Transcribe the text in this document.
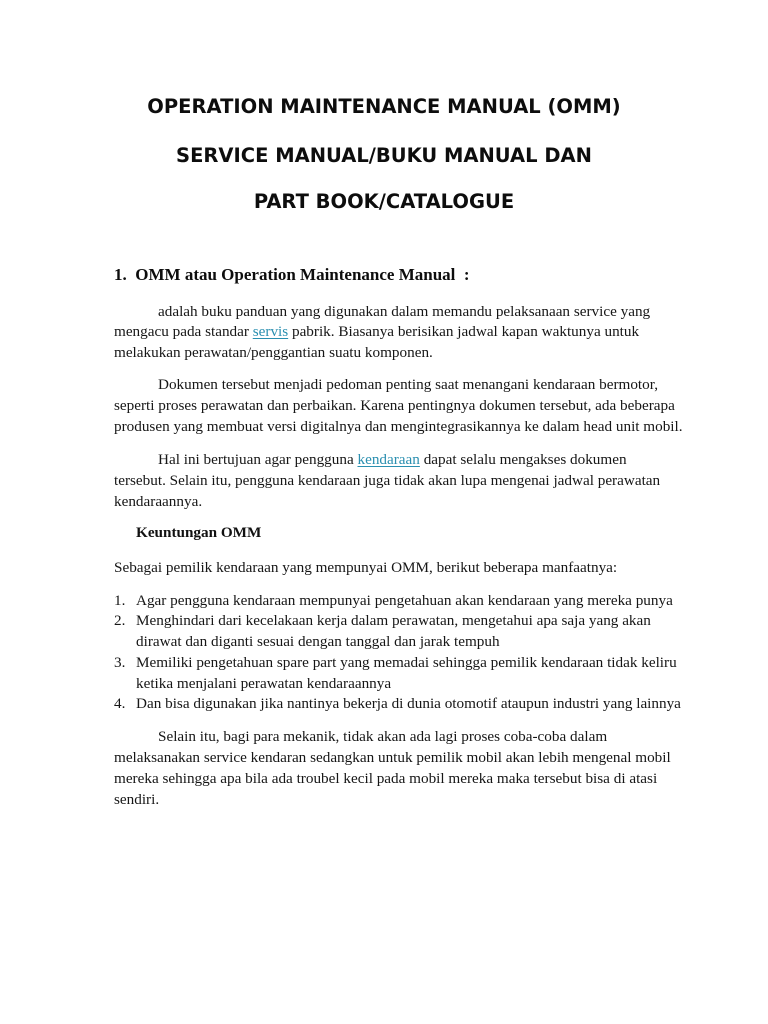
OPERATION MAINTENANCE MANUAL (OMM)
SERVICE MANUAL/BUKU MANUAL DAN
PART BOOK/CATALOGUE
1. OMM atau Operation Maintenance Manual  :
adalah buku panduan yang digunakan dalam memandu pelaksanaan service yang
mengacu pada standar servis pabrik. Biasanya berisikan jadwal kapan waktunya untuk
melakukan perawatan/penggantian suatu komponen.
Dokumen tersebut menjadi pedoman penting saat menangani kendaraan bermotor,
seperti proses perawatan dan perbaikan. Karena pentingnya dokumen tersebut, ada beberapa
produsen yang membuat versi digitalnya dan mengintegrasikannya ke dalam head unit mobil.
Hal ini bertujuan agar pengguna kendaraan dapat selalu mengakses dokumen
tersebut. Selain itu, pengguna kendaraan juga tidak akan lupa mengenai jadwal perawatan
kendaraannya.
Keuntungan OMM
Sebagai pemilik kendaraan yang mempunyai OMM, berikut beberapa manfaatnya:
1. Agar pengguna kendaraan mempunyai pengetahuan akan kendaraan yang mereka punya
2. Menghindari dari kecelakaan kerja dalam perawatan, mengetahui apa saja yang akan
dirawat dan diganti sesuai dengan tanggal dan jarak tempuh
3. Memiliki pengetahuan spare part yang memadai sehingga pemilik kendaraan tidak keliru
ketika menjalani perawatan kendaraannya
4. Dan bisa digunakan jika nantinya bekerja di dunia otomotif ataupun industri yang lainnya
Selain itu, bagi para mekanik, tidak akan ada lagi proses coba-coba dalam
melaksanakan service kendaran sedangkan untuk pemilik mobil akan lebih mengenal mobil
mereka sehingga apa bila ada troubel kecil pada mobil mereka maka tersebut bisa di atasi
sendiri.
